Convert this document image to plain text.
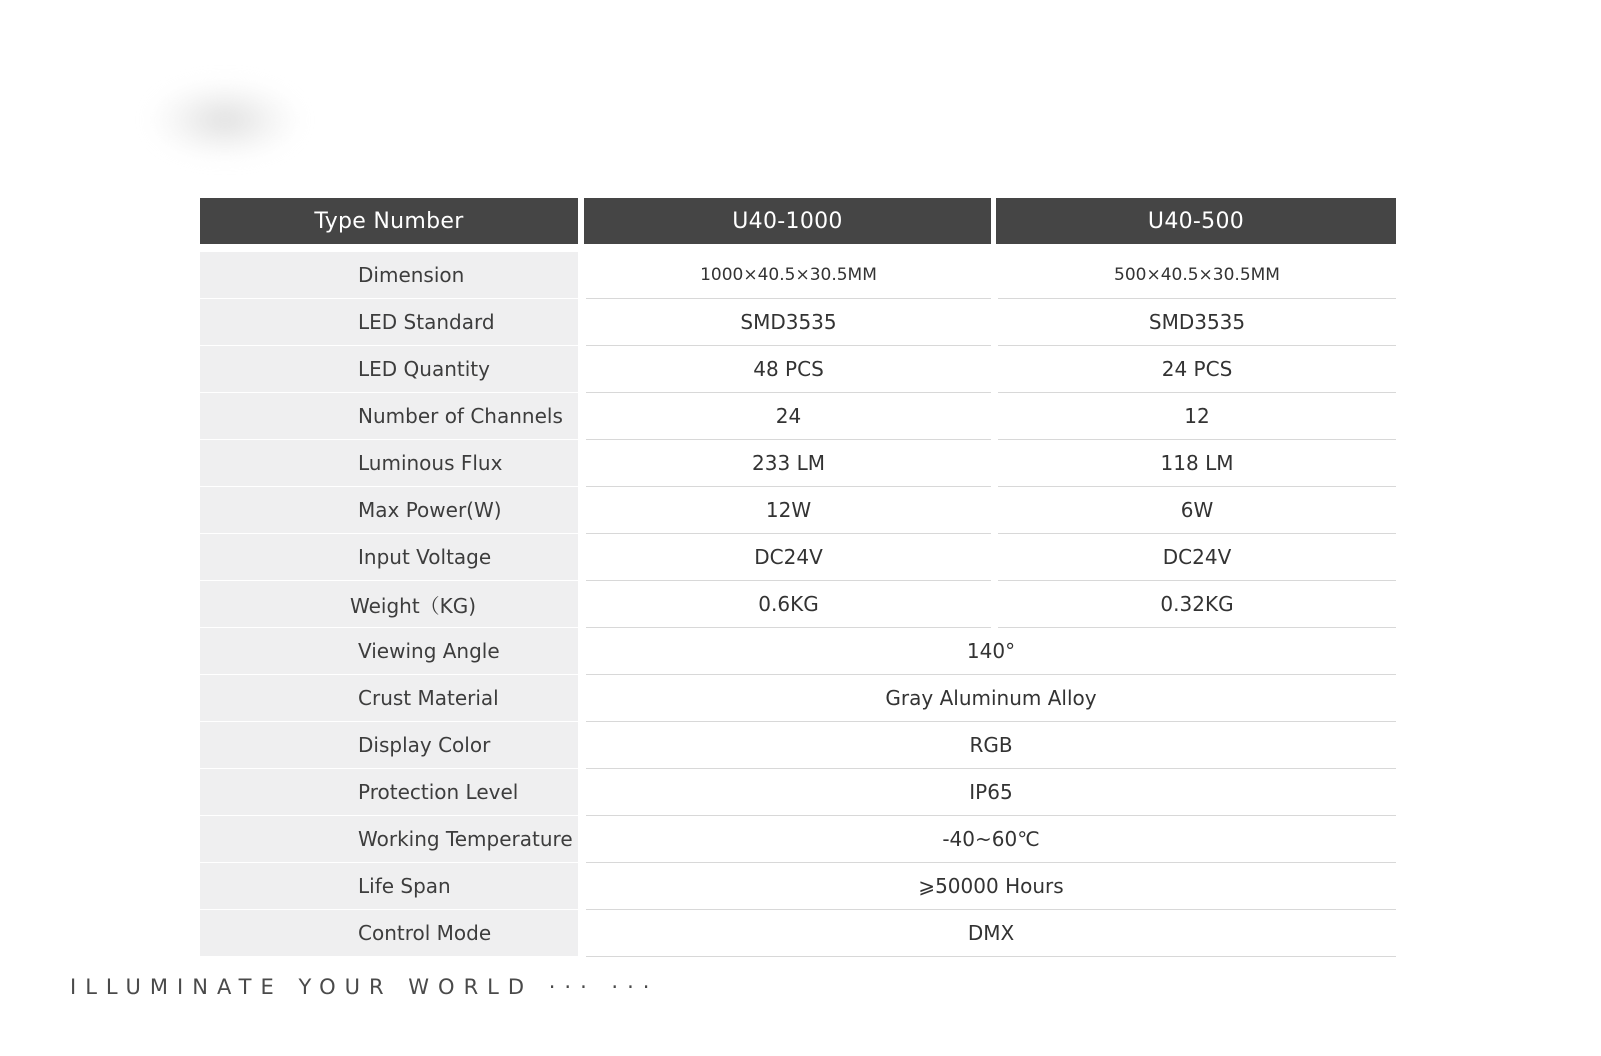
Type Number	U40-1000	U40-500
Dimension	1000×40.5×30.5MM	500×40.5×30.5MM
LED Standard	SMD3535	SMD3535
LED Quantity	48 PCS	24 PCS
Number of Channels	24	12
Luminous Flux	233 LM	118 LM
Max Power(W)	12W	6W
Input Voltage	DC24V	DC24V
Weight（KG)	0.6KG	0.32KG
Viewing Angle	140°
Crust Material	Gray Aluminum Alloy
Display Color	RGB
Protection Level	IP65
Working Temperature	-40~60℃
Life Span	⩾50000 Hours
Control Mode	DMX
ILLUMINATE YOUR WORLD ··· ···
